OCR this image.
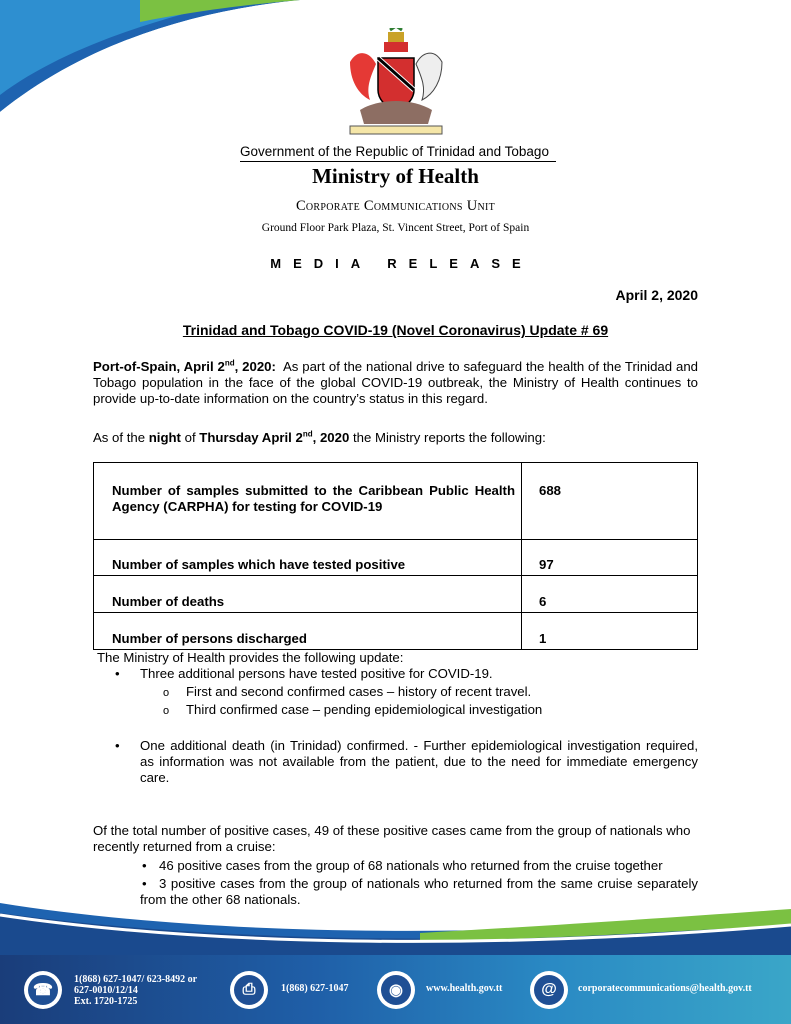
Government of the Republic of Trinidad and Tobago
Ministry of Health
Corporate Communications Unit
Ground Floor Park Plaza, St. Vincent Street, Port of Spain
MEDIA RELEASE
April 2, 2020
Trinidad and Tobago COVID-19 (Novel Coronavirus) Update # 69
Port-of-Spain, April 2nd, 2020: As part of the national drive to safeguard the health of the Trinidad and Tobago population in the face of the global COVID-19 outbreak, the Ministry of Health continues to provide up-to-date information on the country’s status in this regard.
As of the night of Thursday April 2nd, 2020 the Ministry reports the following:
Number of samples submitted to the Caribbean Public Health Agency (CARPHA) for testing for COVID-19	688
Number of samples which have tested positive	97
Number of deaths	6
Number of persons discharged	1
The Ministry of Health provides the following update:
• Three additional persons have tested positive for COVID-19.
o First and second confirmed cases – history of recent travel.
o Third confirmed case – pending epidemiological investigation
• One additional death (in Trinidad) confirmed. - Further epidemiological investigation required, as information was not available from the patient, due to the need for immediate emergency care.
Of the total number of positive cases, 49 of these positive cases came from the group of nationals who recently returned from a cruise:
• 46 positive cases from the group of 68 nationals who returned from the cruise together
• 3 positive cases from the group of nationals who returned from the same cruise separately from the other 68 nationals.
☎
1(868) 627-1047/ 623-8492 or
627-0010/12/14
Ext. 1720-1725
⎙	1(868) 627-1047	◉	www.health.gov.tt	@	corporatecommunications@health.gov.tt
